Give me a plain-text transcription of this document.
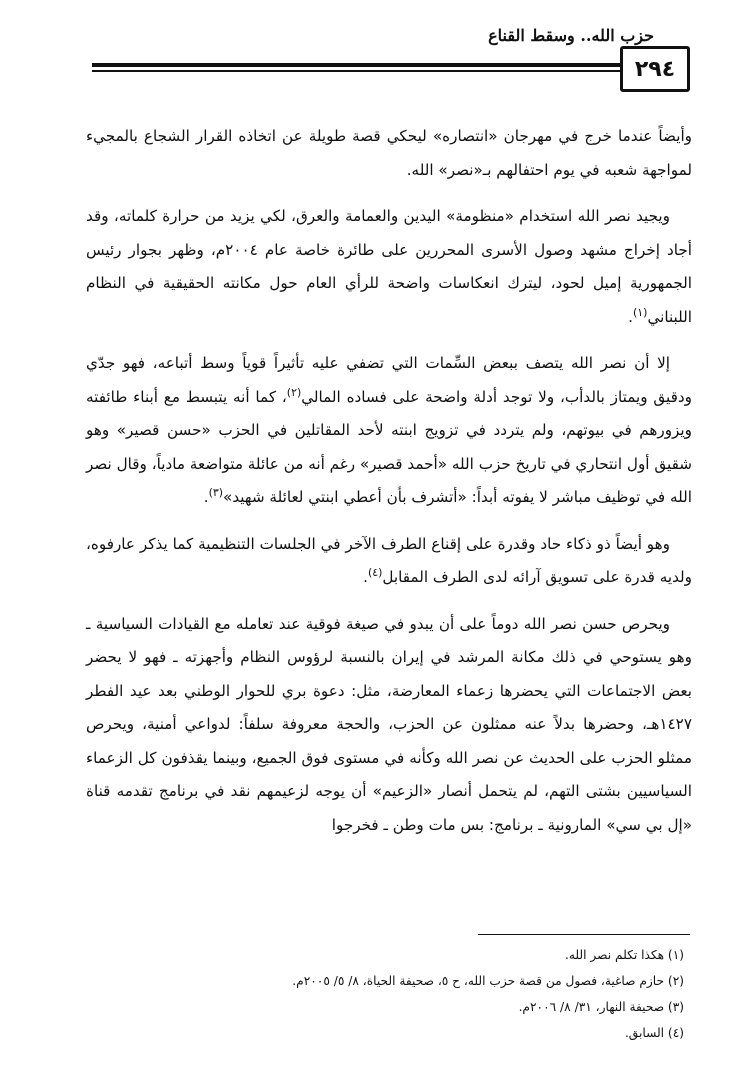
حزب الله.. وسقط القناع
٢٩٤

وأيضاً عندما خرج في مهرجان «انتصاره» ليحكي قصة طويلة عن اتخاذه القرار الشجاع بالمجيء لمواجهة شعبه في يوم احتفالهم بـ«نصر» الله.

ويجيد نصر الله استخدام «منظومة» اليدين والعمامة والعرق، لكي يزيد من حرارة كلماته، وقد أجاد إخراج مشهد وصول الأسرى المحررين على طائرة خاصة عام ٢٠٠٤م، وظهر بجوار رئيس الجمهورية إميل لحود، ليترك انعكاسات واضحة للرأي العام حول مكانته الحقيقية في النظام اللبناني$^{(١)}$.

إلا أن نصر الله يتصف ببعض السِّمات التي تضفي عليه تأثيراً قوياً وسط أتباعه، فهو جدّي ودقيق ويمتاز بالدأب، ولا توجد أدلة واضحة على فساده المالي$^{(٢)}$، كما أنه يتبسط مع أبناء طائفته ويزورهم في بيوتهم، ولم يتردد في تزويج ابنته لأحد المقاتلين في الحزب «حسن قصير» وهو شقيق أول انتحاري في تاريخ حزب الله «أحمد قصير» رغم أنه من عائلة متواضعة مادياً، وقال نصر الله في توظيف مباشر لا يفوته أبداً: «أتشرف بأن أعطي ابنتي لعائلة شهيد»$^{(٣)}$.

وهو أيضاً ذو ذكاء حاد وقدرة على إقناع الطرف الآخر في الجلسات التنظيمية كما يذكر عارفوه، ولديه قدرة على تسويق آرائه لدى الطرف المقابل$^{(٤)}$.

ويحرص حسن نصر الله دوماً على أن يبدو في صيغة فوقية عند تعامله مع القيادات السياسية ـ وهو يستوحي في ذلك مكانة المرشد في إيران بالنسبة لرؤوس النظام وأجهزته ـ فهو لا يحضر بعض الاجتماعات التي يحضرها زعماء المعارضة، مثل: دعوة بري للحوار الوطني بعد عيد الفطر ١٤٢٧هـ، وحضرها بدلاً عنه ممثلون عن الحزب، والحجة معروفة سلفاً: لدواعي أمنية، ويحرص ممثلو الحزب على الحديث عن نصر الله وكأنه في مستوى فوق الجميع، وبينما يقذفون كل الزعماء السياسيين بشتى التهم، لم يتحمل أنصار «الزعيم» أن يوجه لزعيمهم نقد في برنامج تقدمه قناة «إل بي سي» المارونية ـ برنامج: بس مات وطن ـ فخرجوا

(١) هكذا تكلم نصر الله.

(٢) حازم صاغية، فصول من قصة حزب الله، ح ٥، صحيفة الحياة، ٨/ ٥/ ٢٠٠٥م.

(٣) صحيفة النهار، ٣١/ ٨/ ٢٠٠٦م.

(٤) السابق.
